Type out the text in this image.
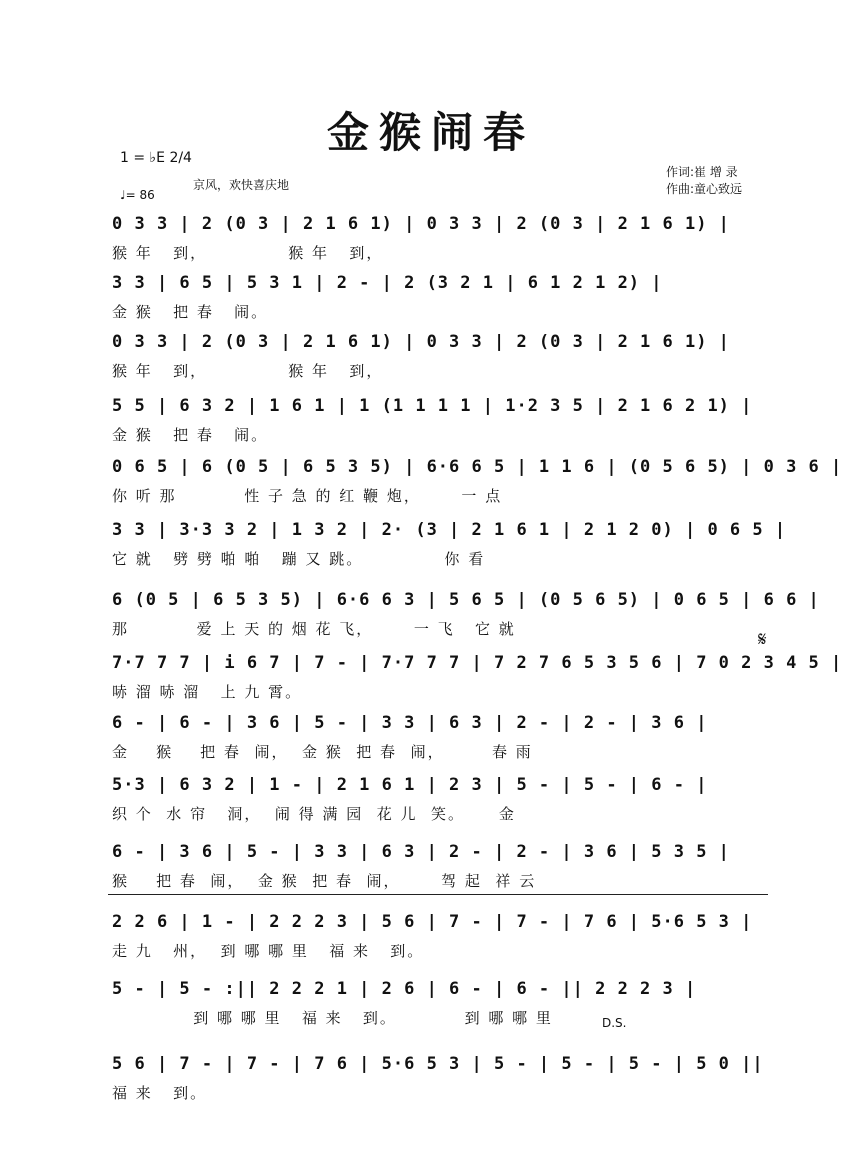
金猴闹春
1 = ♭E 2/4
♩= 86
京风，欢快喜庆地
作词:崔 增 录
作曲:童心致远
0 3 3 | 2 (0 3 | 2 1 6 1) | 0 3 3 | 2 (0 3 | 2 1 6 1) |
猴 年   到，            猴 年   到，
3 3 | 6 5 | 5 3 1 | 2 - | 2 (3 2 1 | 6 1 2 1 2) |
金 猴   把 春   闹。
0 3 3 | 2 (0 3 | 2 1 6 1) | 0 3 3 | 2 (0 3 | 2 1 6 1) |
猴 年   到，            猴 年   到，
5 5 | 6 3 2 | 1 6 1 | 1 (1 1 1 1 | 1·2 3 5 | 2 1 6 2 1) |
金 猴   把 春   闹。
0 6 5 | 6 (0 5 | 6 5 3 5) | 6·6 6 5 | 1 1 6 | (0 5 6 5) | 0 3 6 |
你 听 那          性 子 急 的 红 鞭 炮，      一 点
3 3 | 3·3 3 2 | 1 3 2 | 2· (3 | 2 1 6 1 | 2 1 2 0) | 0 6 5 |
它 就   劈 劈 啪 啪   蹦 又 跳。            你 看
6 (0 5 | 6 5 3 5) | 6·6 6 3 | 5 6 5 | (0 5 6 5) | 0 6 5 | 6 6 |
那          爱 上 天 的 烟 花 飞，      一 飞   它 就	𝄋
7·7 7 7 | i 6 7 | 7 - | 7·7 7 7 | 7 2 7 6 5 3 5 6 | 7 0 2 3 4 5 |
哧 溜 哧 溜   上 九 霄。
6 - | 6 - | 3 6 | 5 - | 3 3 | 6 3 | 2 - | 2 - | 3 6 |
金    猴    把 春  闹，  金 猴  把 春  闹，       春 雨
5·3 | 6 3 2 | 1 - | 2 1 6 1 | 2 3 | 5 - | 5 - | 6 - |
织 个  水 帘   洞，  闹 得 满 园  花 儿  笑。     金
6 - | 3 6 | 5 - | 3 3 | 6 3 | 2 - | 2 - | 3 6 | 5 3 5 |
猴    把 春  闹，  金 猴  把 春  闹，      驾 起  祥 云
2 2 6 | 1 - | 2 2 2 3 | 5 6 | 7 - | 7 - | 7 6 | 5·6 5 3 |
走 九   州，  到 哪 哪 里   福 来   到。
5 - | 5 - :|| 2 2 2 1 | 2 6 | 6 - | 6 - || 2 2 2 3 |
到 哪 哪 里   福 来   到。          到 哪 哪 里	D.S.
5 6 | 7 - | 7 - | 7 6 | 5·6 5 3 | 5 - | 5 - | 5 - | 5 0 ||
福 来   到。
